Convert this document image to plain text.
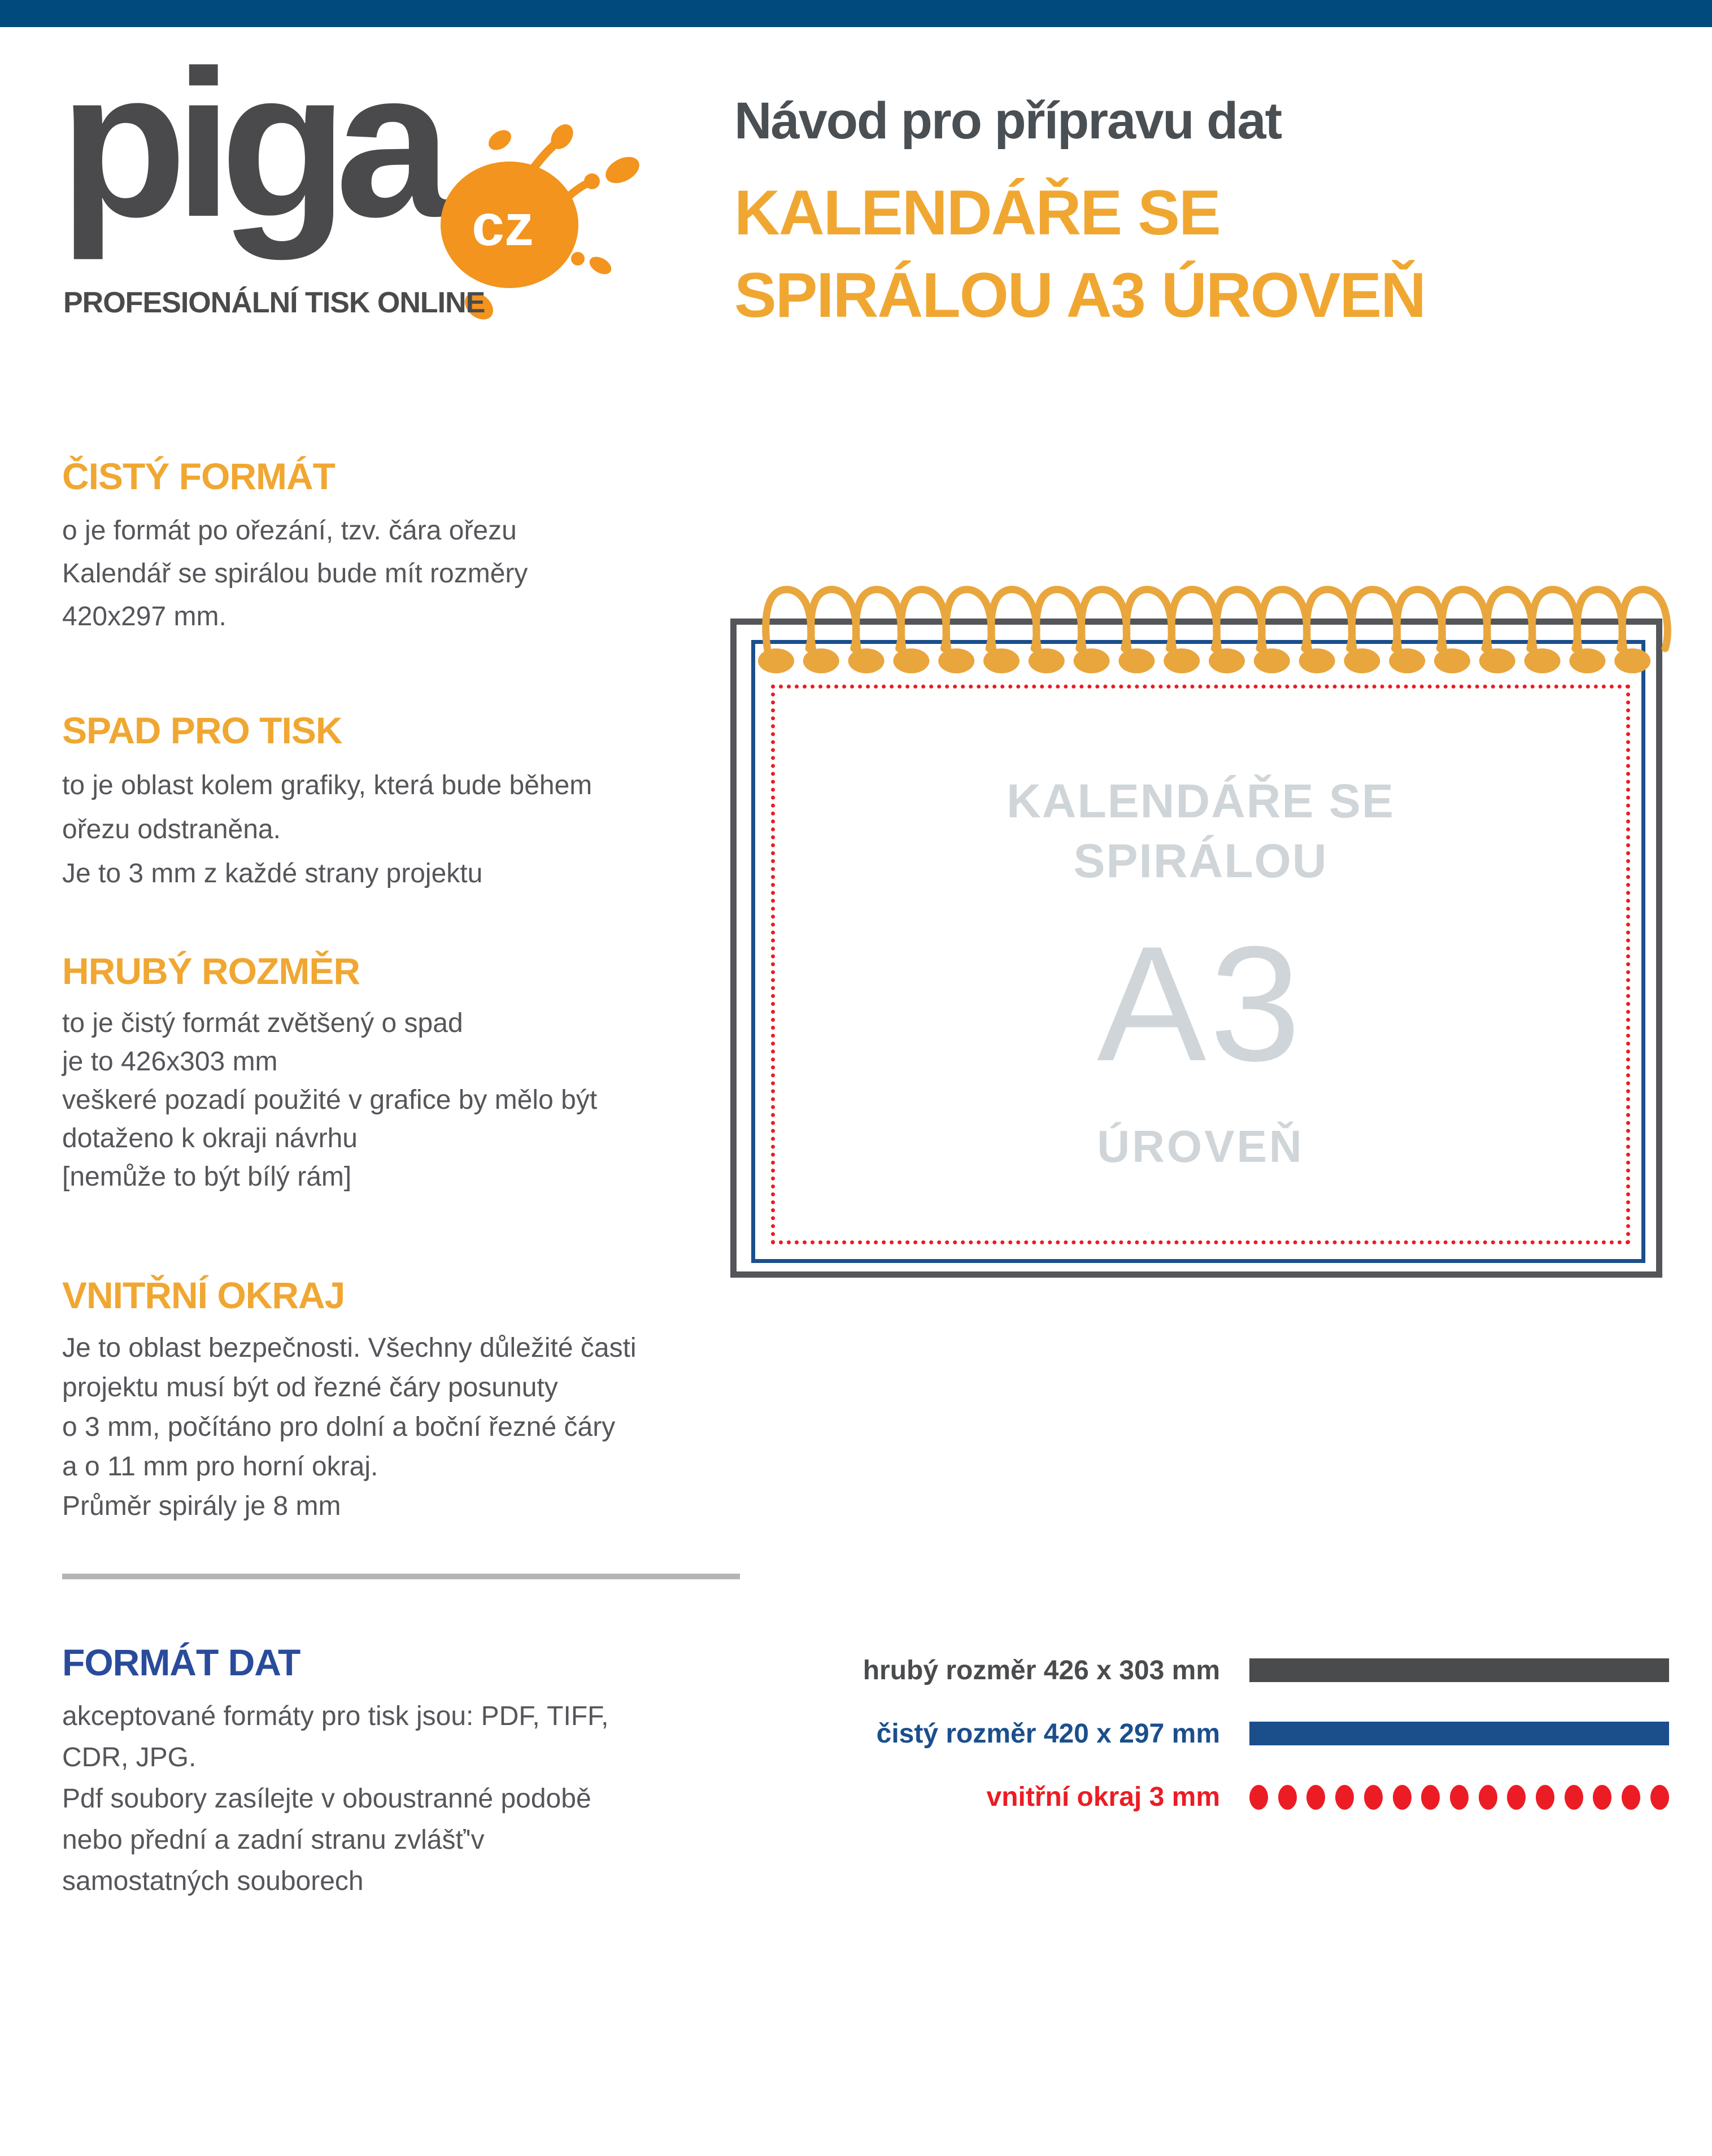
piga cz
PROFESIONÁLNÍ TISK ONLINE
Návod pro přípravu dat
KALENDÁŘE SE
SPIRÁLOU A3 ÚROVEŇ
ČISTÝ FORMÁT
o je formát po ořezání, tzv. čára ořezu
Kalendář se spirálou bude mít rozměry
420x297 mm.
SPAD PRO TISK
to je oblast kolem grafiky, která bude během
ořezu odstraněna.
Je to 3 mm z každé strany projektu
HRUBÝ ROZMĚR
to je čistý formát zvětšený o spad
je to 426x303 mm
veškeré pozadí použité v grafice by mělo být
dotaženo k okraji návrhu
[nemůže to být bílý rám]
VNITŘNÍ OKRAJ
Je to oblast bezpečnosti. Všechny důležité časti
projektu musí být od řezné čáry posunuty
o 3 mm, počítáno pro dolní a boční řezné čáry
a o 11 mm pro horní okraj.
Průměr spirály je 8 mm
FORMÁT DAT
akceptované formáty pro tisk jsou: PDF, TIFF,
CDR, JPG.
Pdf soubory zasílejte v oboustranné podobě
nebo přední a zadní stranu zvlášť'v
samostatných souborech
KALENDÁŘE SE
SPIRÁLOU
A3
ÚROVEŇ
hrubý rozměr 426 x 303 mm
čistý rozměr 420 x 297 mm
vnitřní okraj 3 mm
